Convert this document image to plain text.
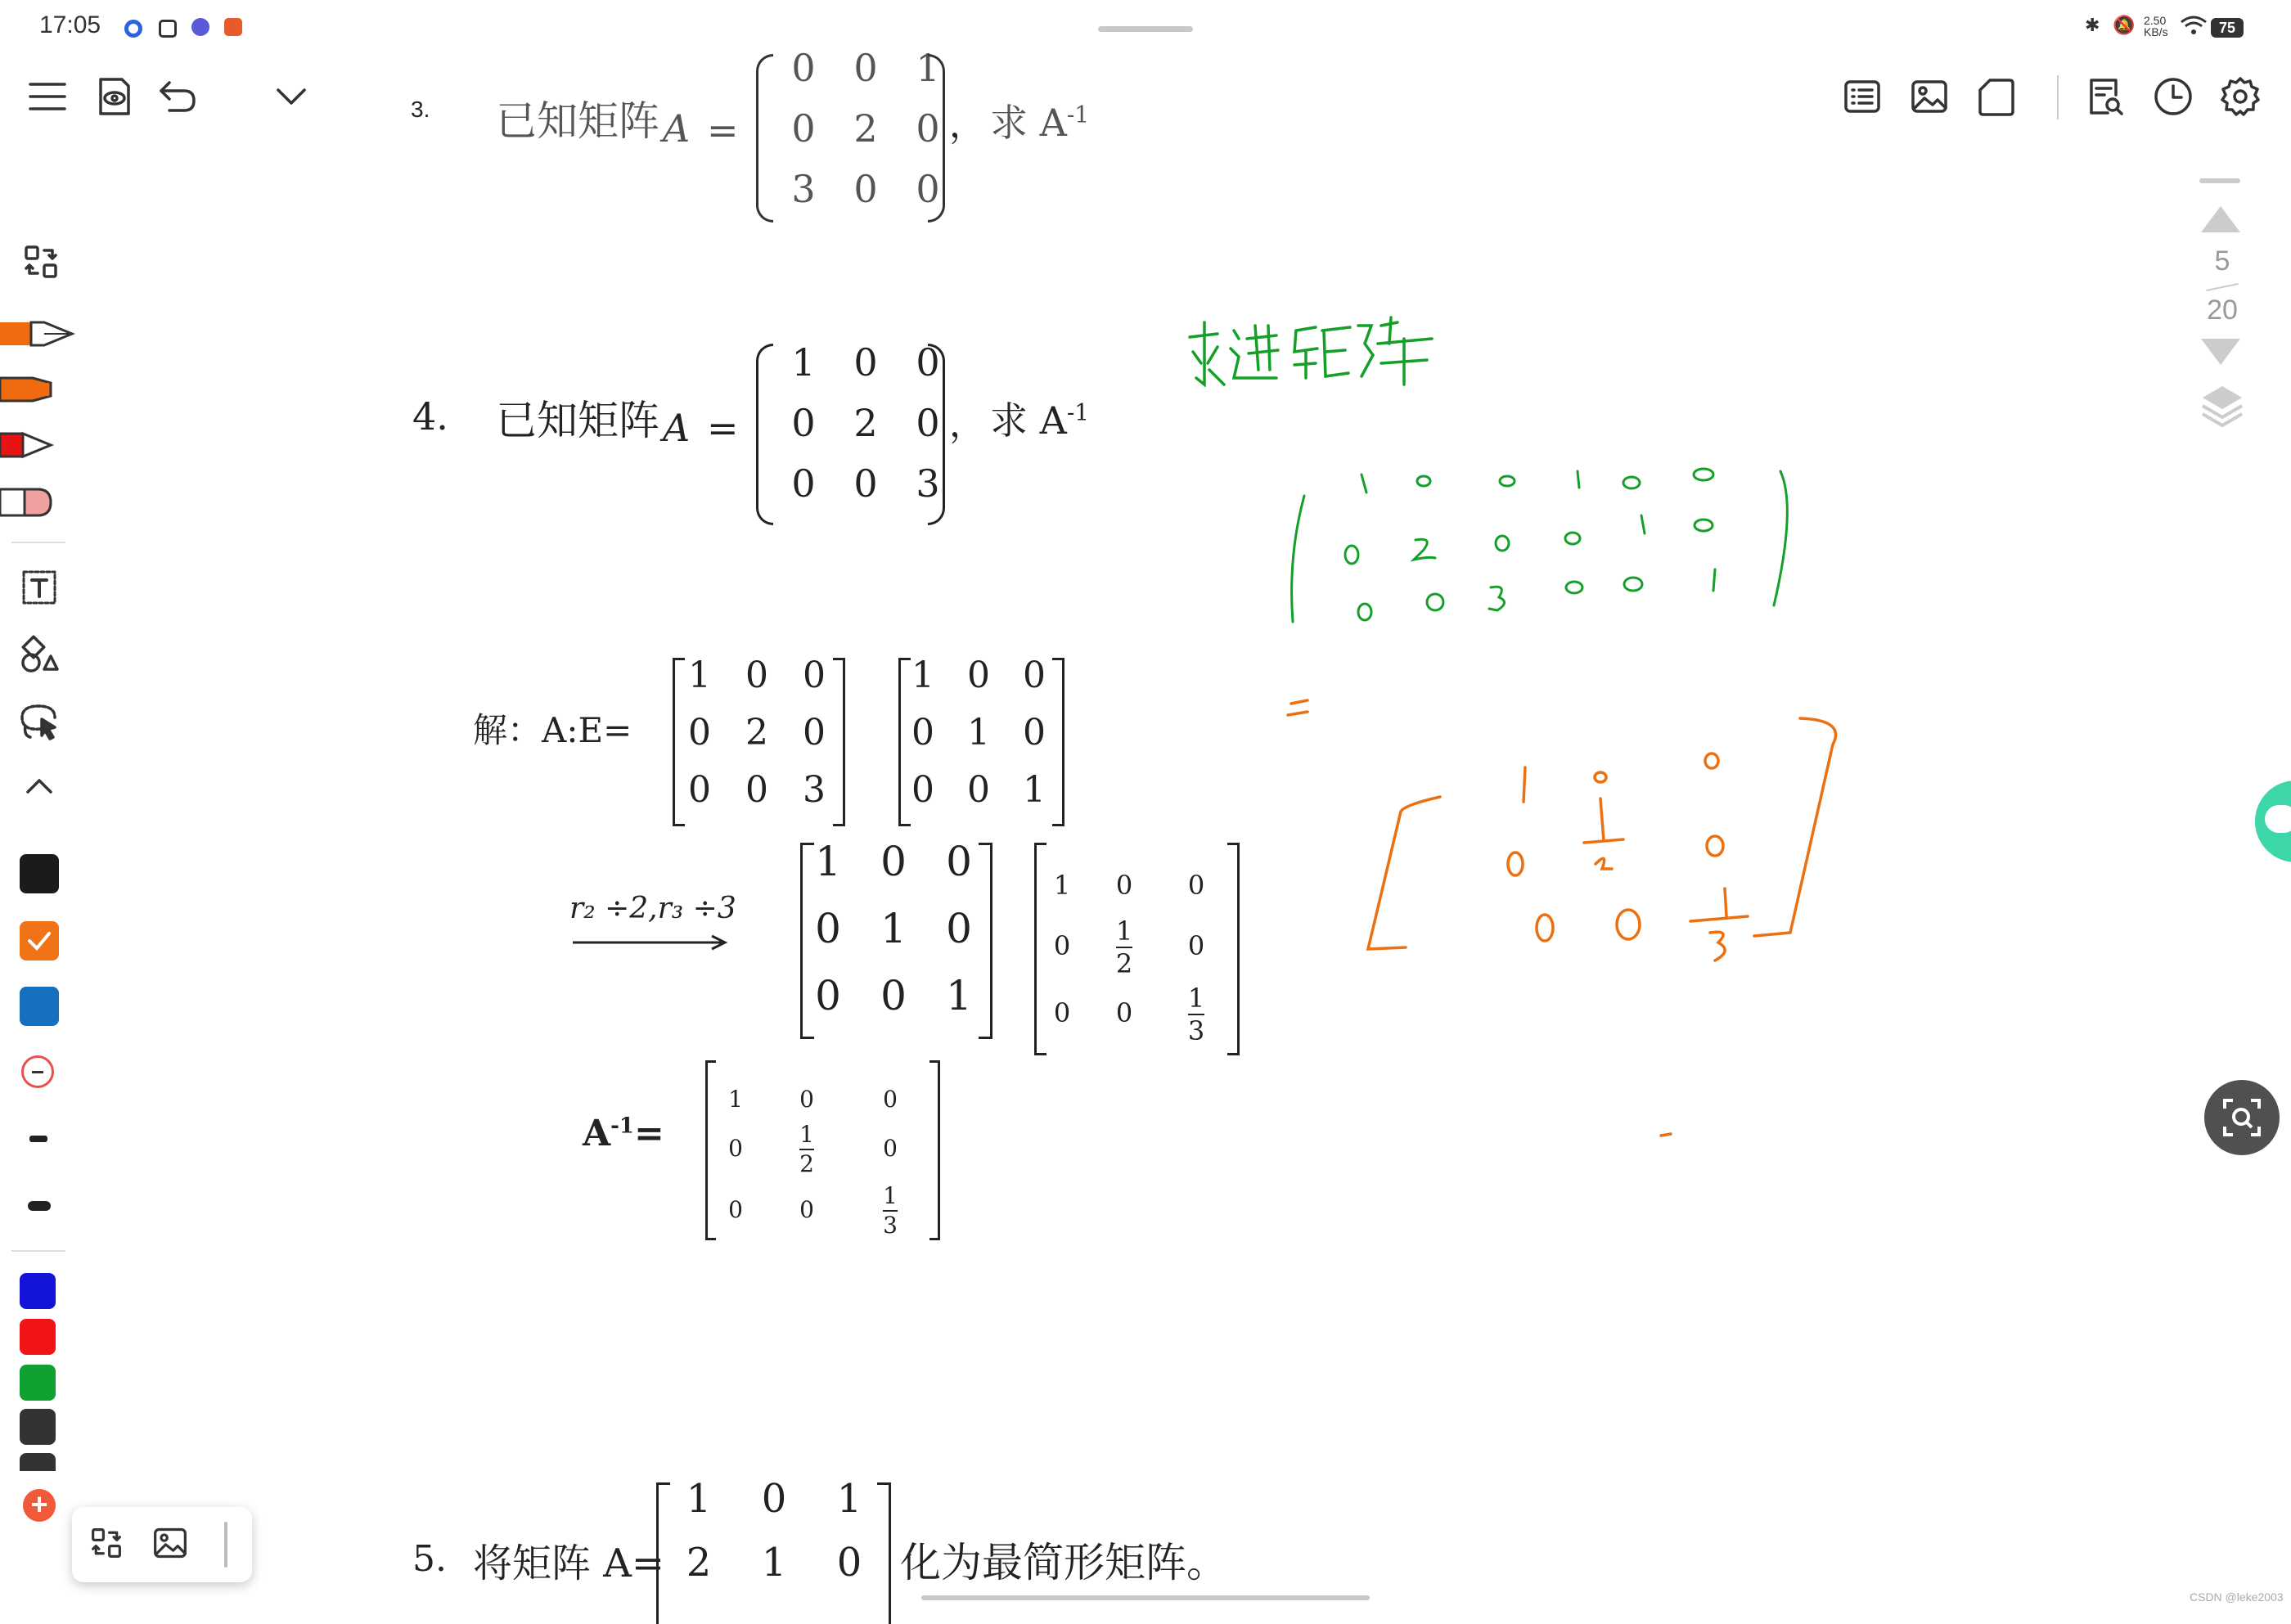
17:05	✱ 🔕 2.50
KB/s	75
+
5
20
3. 已知矩阵 A =
0	0	1
0	2	0
3	0	0
， 求 $A^{-1}$
4. 已知矩阵 A =
1	0	0
0	2	0
0	0	3
， 求 $A^{-1}$
解：A:E=
1 0 0
0 2 0
0 0 3
1 0 0
0 1 0
0 0 1
r₂ ÷2,r₃ ÷3
1 0 0
0 1 0
0 0 1
1	0	0
0	$\frac{1}{2}$	0
0	0	$\frac{1}{3}$
$A^{-1}=$
1	0	0
0	$\frac{1}{2}$	0
0	0	$\frac{1}{3}$
5. 将矩阵 A=
1	0	1
2	1	0 化为最简形矩阵。
CSDN @leke2003
